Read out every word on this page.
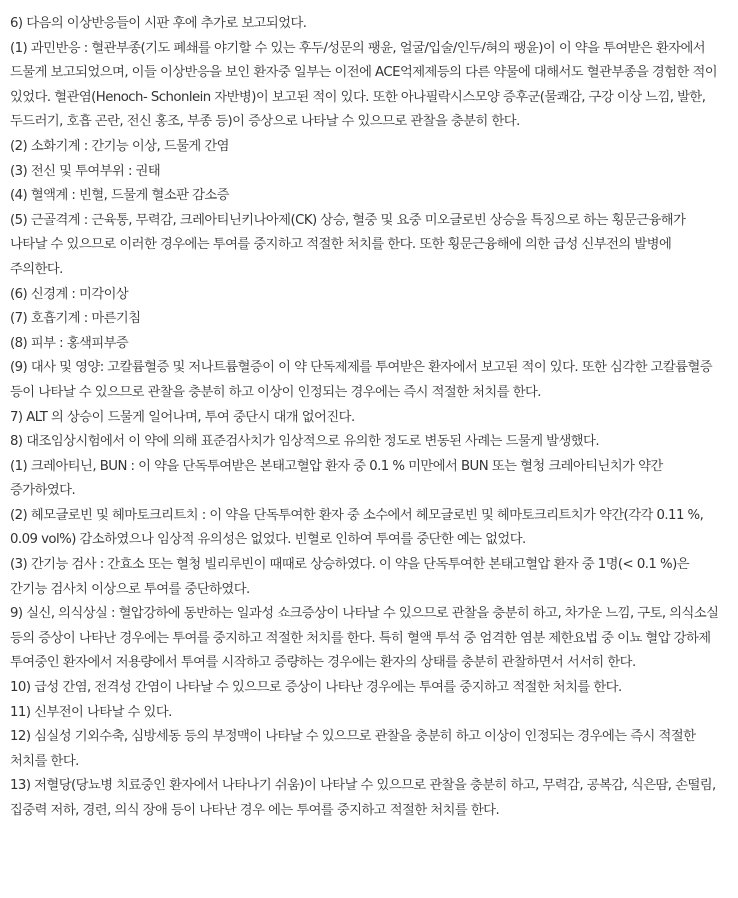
6) 다음의 이상반응들이 시판 후에 추가로 보고되었다.

(1) 과민반응 : 혈관부종(기도 폐쇄를 야기할 수 있는 후두/성문의 팽윤, 얼굴/입술/인두/혀의 팽윤)이 이 약을 투여받은 환자에서 드물게 보고되었으며, 이들 이상반응을 보인 환자중 일부는 이전에 ACE억제제등의 다른 약물에 대해서도 혈관부종을 경험한 적이 있었다. 혈관염(Henoch- Schonlein 자반병)이 보고된 적이 있다. 또한 아나필락시스모양 증후군(물쾌감, 구강 이상 느낌, 발한, 두드러기, 호흡 곤란, 전신 홍조, 부종 등)이 증상으로 나타날 수 있으므로 관찰을 충분히 한다.

(2) 소화기계 : 간기능 이상, 드물게 간염

(3) 전신 및 투여부위 : 권태

(4) 혈액계 : 빈혈, 드물게 혈소판 감소증

(5) 근골격계 : 근육통, 무력감, 크레아티닌키나아제(CK) 상승, 혈중 및 요중 미오글로빈 상승을 특징으로 하는 횡문근융해가 나타날 수 있으므로 이러한 경우에는 투여를 중지하고 적절한 처치를 한다. 또한 횡문근융해에 의한 급성 신부전의 발병에 주의한다.

(6) 신경계 : 미각이상

(7) 호흡기계 : 마른기침

(8) 피부 : 홍색피부증

(9) 대사 및 영양: 고칼륨혈증 및 저나트륨혈증이 이 약 단독제제를 투여받은 환자에서 보고된 적이 있다. 또한 심각한 고칼륨혈증 등이 나타날 수 있으므로 관찰을 충분히 하고 이상이 인정되는 경우에는 즉시 적절한 처치를 한다.

7) ALT 의 상승이 드물게 일어나며, 투여 중단시 대개 없어진다.

8) 대조임상시험에서 이 약에 의해 표준검사치가 임상적으로 유의한 정도로 변동된 사례는 드물게 발생했다.

(1) 크레아티닌, BUN : 이 약을 단독투여받은 본태고혈압 환자 중 0.1 % 미만에서 BUN 또는 혈청 크레아티닌치가 약간 증가하였다.

(2) 헤모글로빈 및 헤마토크리트치 : 이 약을 단독투여한 환자 중 소수에서 헤모글로빈 및 헤마토크리트치가 약간(각각 0.11 %, 0.09 vol%) 감소하였으나 임상적 유의성은 없었다. 빈혈로 인하여 투여를 중단한 예는 없었다.

(3) 간기능 검사 : 간효소 또는 혈청 빌리루빈이 때때로 상승하였다. 이 약을 단독투여한 본태고혈압 환자 중 1명(< 0.1 %)은 간기능 검사치 이상으로 투여를 중단하였다.

9) 실신, 의식상실 : 혈압강하에 동반하는 일과성 쇼크증상이 나타날 수 있으므로 관찰을 충분히 하고, 차가운 느낌, 구토, 의식소실 등의 증상이 나타난 경우에는 투여를 중지하고 적절한 처치를 한다. 특히 혈액 투석 중 엄격한 염분 제한요법 중 이뇨 혈압 강하제 투여중인 환자에서 저용량에서 투여를 시작하고 증량하는 경우에는 환자의 상태를 충분히 관찰하면서 서서히 한다.

10) 급성 간염, 전격성 간염이 나타날 수 있으므로 증상이 나타난 경우에는 투여를 중지하고 적절한 처치를 한다.

11) 신부전이 나타날 수 있다.

12) 심실성 기외수축, 심방세동 등의 부정맥이 나타날 수 있으므로 관찰을 충분히 하고 이상이 인정되는 경우에는 즉시 적절한 처치를 한다.

13) 저혈당(당뇨병 치료중인 환자에서 나타나기 쉬움)이 나타날 수 있으므로 관찰을 충분히 하고, 무력감, 공복감, 식은땀, 손떨림, 집중력 저하, 경련, 의식 장애 등이 나타난 경우 에는 투여를 중지하고 적절한 처치를 한다.
